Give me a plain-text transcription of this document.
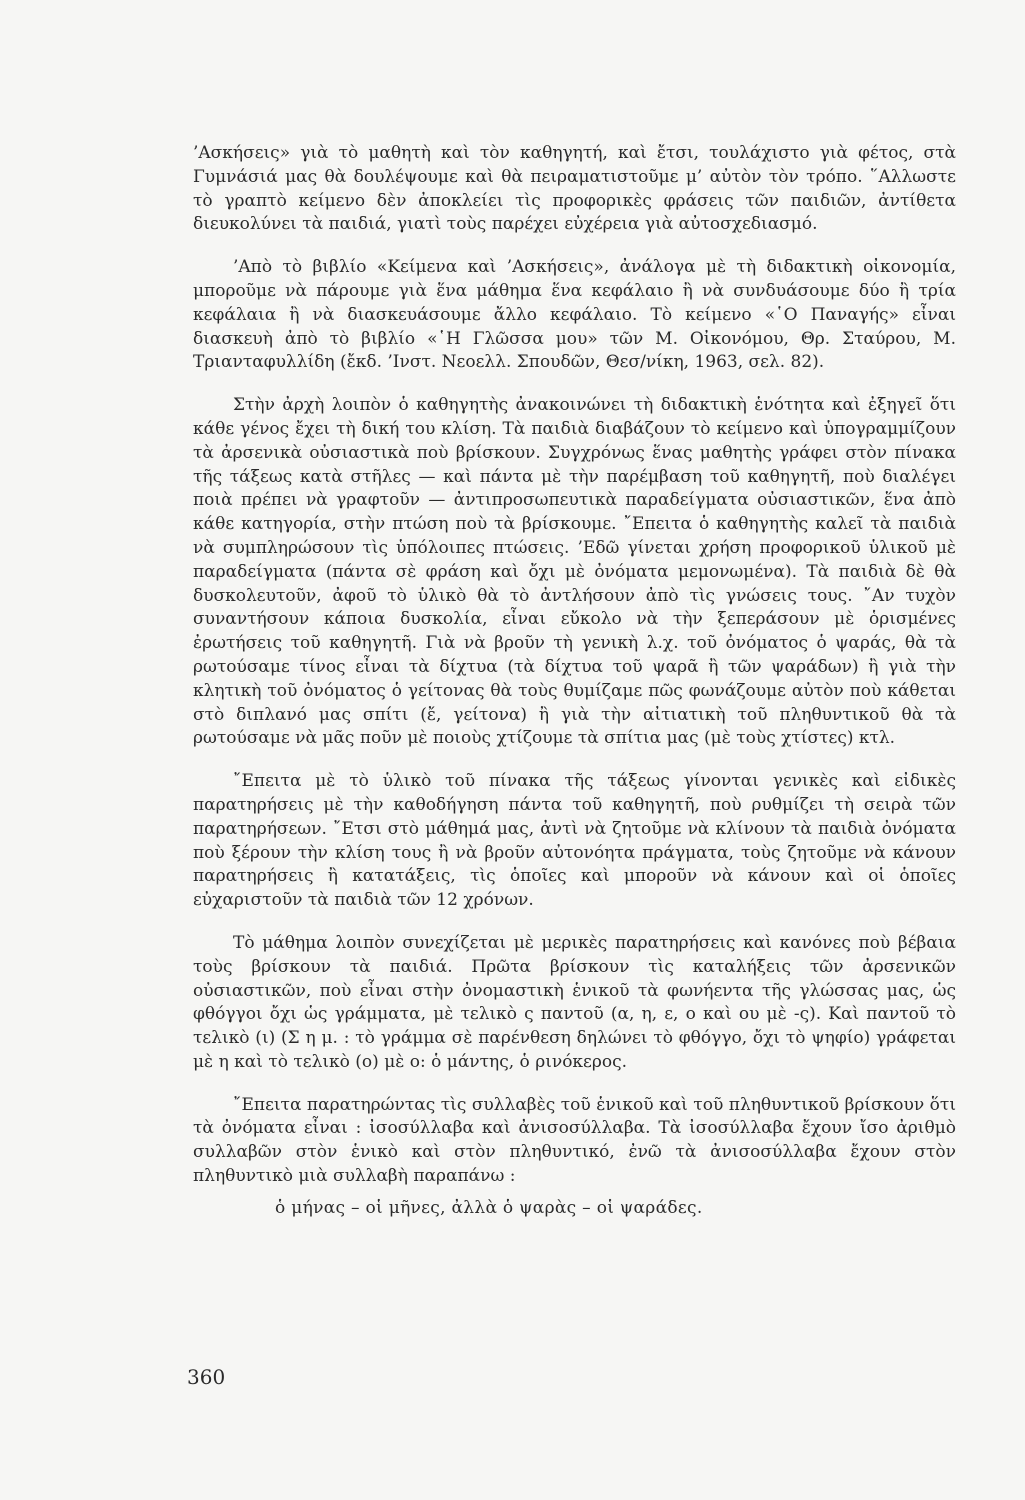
’Ασκήσεις» γιὰ τὸ μαθητὴ καὶ τὸν καθηγητή, καὶ ἔτσι, τουλάχιστο γιὰ φέτος, στὰ Γυμνάσιά μας θὰ δουλέψουμε καὶ θὰ πειραματιστοῦμε μ’ αὐτὸν τὸν τρόπο. ῞Αλλωστε τὸ γραπτὸ κείμενο δὲν ἀποκλείει τὶς προφορικὲς φράσεις τῶν παιδιῶν, ἀντίθετα διευκολύνει τὰ παιδιά, γιατὶ τοὺς παρέχει εὐχέρεια γιὰ αὐτοσχεδιασμό.

’Απὸ τὸ βιβλίο «Κείμενα καὶ ’Ασκήσεις», ἀνάλογα μὲ τὴ διδακτικὴ οἰκονομία, μποροῦμε νὰ πάρουμε γιὰ ἕνα μάθημα ἕνα κεφάλαιο ἢ νὰ συνδυάσουμε δύο ἢ τρία κεφάλαια ἢ νὰ διασκευάσουμε ἄλλο κεφάλαιο. Τὸ κείμενο «῾Ο Παναγής» εἶναι διασκευὴ ἀπὸ τὸ βιβλίο «῾Η Γλῶσσα μου» τῶν Μ. Οἰκονόμου, Θρ. Σταύρου, Μ. Τριανταφυλλίδη (ἔκδ. ’Ινστ. Νεοελλ. Σπουδῶν, Θεσ/νίκη, 1963, σελ. 82).

Στὴν ἀρχὴ λοιπὸν ὁ καθηγητὴς ἀνακοινώνει τὴ διδακτικὴ ἑνότητα καὶ ἐξηγεῖ ὅτι κάθε γένος ἔχει τὴ δική του κλίση. Τὰ παιδιὰ διαβάζουν τὸ κείμενο καὶ ὑπογραμμίζουν τὰ ἀρσενικὰ οὐσιαστικὰ ποὺ βρίσκουν. Συγχρόνως ἕνας μαθητὴς γράφει στὸν πίνακα τῆς τάξεως κατὰ στῆλες — καὶ πάντα μὲ τὴν παρέμβαση τοῦ καθηγητῆ, ποὺ διαλέγει ποιὰ πρέπει νὰ γραφτοῦν — ἀντιπροσωπευτικὰ παραδείγματα οὐσιαστικῶν, ἕνα ἀπὸ κάθε κατηγορία, στὴν πτώση ποὺ τὰ βρίσκουμε. ῎Επειτα ὁ καθηγητὴς καλεῖ τὰ παιδιὰ νὰ συμπληρώσουν τὶς ὑπόλοιπες πτώσεις. ’Εδῶ γίνεται χρήση προφορικοῦ ὑλικοῦ μὲ παραδείγματα (πάντα σὲ φράση καὶ ὄχι μὲ ὀνόματα μεμονωμένα). Τὰ παιδιὰ δὲ θὰ δυσκολευτοῦν, ἀφοῦ τὸ ὑλικὸ θὰ τὸ ἀντλήσουν ἀπὸ τὶς γνώσεις τους. ῎Αν τυχὸν συναντήσουν κάποια δυσκολία, εἶναι εὔκολο νὰ τὴν ξεπεράσουν μὲ ὁρισμένες ἐρωτήσεις τοῦ καθηγητῆ. Γιὰ νὰ βροῦν τὴ γενικὴ λ.χ. τοῦ ὀνόματος ὁ ψαράς, θὰ τὰ ρωτούσαμε τίνος εἶναι τὰ δίχτυα (τὰ δίχτυα τοῦ ψαρᾶ ἢ τῶν ψαράδων) ἢ γιὰ τὴν κλητικὴ τοῦ ὀνόματος ὁ γείτονας θὰ τοὺς θυμίζαμε πῶς φωνάζουμε αὐτὸν ποὺ κάθεται στὸ διπλανό μας σπίτι (ἔ, γείτονα) ἢ γιὰ τὴν αἰτιατικὴ τοῦ πληθυντικοῦ θὰ τὰ ρωτούσαμε νὰ μᾶς ποῦν μὲ ποιοὺς χτίζουμε τὰ σπίτια μας (μὲ τοὺς χτίστες) κτλ.

῎Επειτα μὲ τὸ ὑλικὸ τοῦ πίνακα τῆς τάξεως γίνονται γενικὲς καὶ εἰδικὲς παρατηρήσεις μὲ τὴν καθοδήγηση πάντα τοῦ καθηγητῆ, ποὺ ρυθμίζει τὴ σειρὰ τῶν παρατηρήσεων. ῎Ετσι στὸ μάθημά μας, ἀντὶ νὰ ζητοῦμε νὰ κλίνουν τὰ παιδιὰ ὀνόματα ποὺ ξέρουν τὴν κλίση τους ἢ νὰ βροῦν αὐτονόητα πράγματα, τοὺς ζητοῦμε νὰ κάνουν παρατηρήσεις ἢ κατατάξεις, τὶς ὁποῖες καὶ μποροῦν νὰ κάνουν καὶ οἱ ὁποῖες εὐχαριστοῦν τὰ παιδιὰ τῶν 12 χρόνων.

Τὸ μάθημα λοιπὸν συνεχίζεται μὲ μερικὲς παρατηρήσεις καὶ κανόνες ποὺ βέβαια τοὺς βρίσκουν τὰ παιδιά. Πρῶτα βρίσκουν τὶς καταλήξεις τῶν ἀρσενικῶν οὐσιαστικῶν, ποὺ εἶναι στὴν ὀνομαστικὴ ἑνικοῦ τὰ φωνήεντα τῆς γλώσσας μας, ὡς φθόγγοι ὄχι ὡς γράμματα, μὲ τελικὸ ς παντοῦ (α, η, ε, ο καὶ ου μὲ -ς). Καὶ παντοῦ τὸ τελικὸ (ι) (Σ η μ. : τὸ γράμμα σὲ παρένθεση δηλώνει τὸ φθόγγο, ὄχι τὸ ψηφίο) γράφεται μὲ η καὶ τὸ τελικὸ (ο) μὲ ο: ὁ μάντης, ὁ ρινόκερος.

῎Επειτα παρατηρώντας τὶς συλλαβὲς τοῦ ἑνικοῦ καὶ τοῦ πληθυντικοῦ βρίσκουν ὅτι τὰ ὀνόματα εἶναι : ἰσοσύλλαβα καὶ ἀνισοσύλλαβα. Τὰ ἰσοσύλλαβα ἔχουν ἴσο ἀριθμὸ συλλαβῶν στὸν ἑνικὸ καὶ στὸν πληθυντικό, ἐνῶ τὰ ἀνισοσύλλαβα ἔχουν στὸν πληθυντικὸ μιὰ συλλαβὴ παραπάνω :

ὁ μήνας – οἱ μῆνες, ἀλλὰ ὁ ψαρὰς – οἱ ψαράδες.

360
